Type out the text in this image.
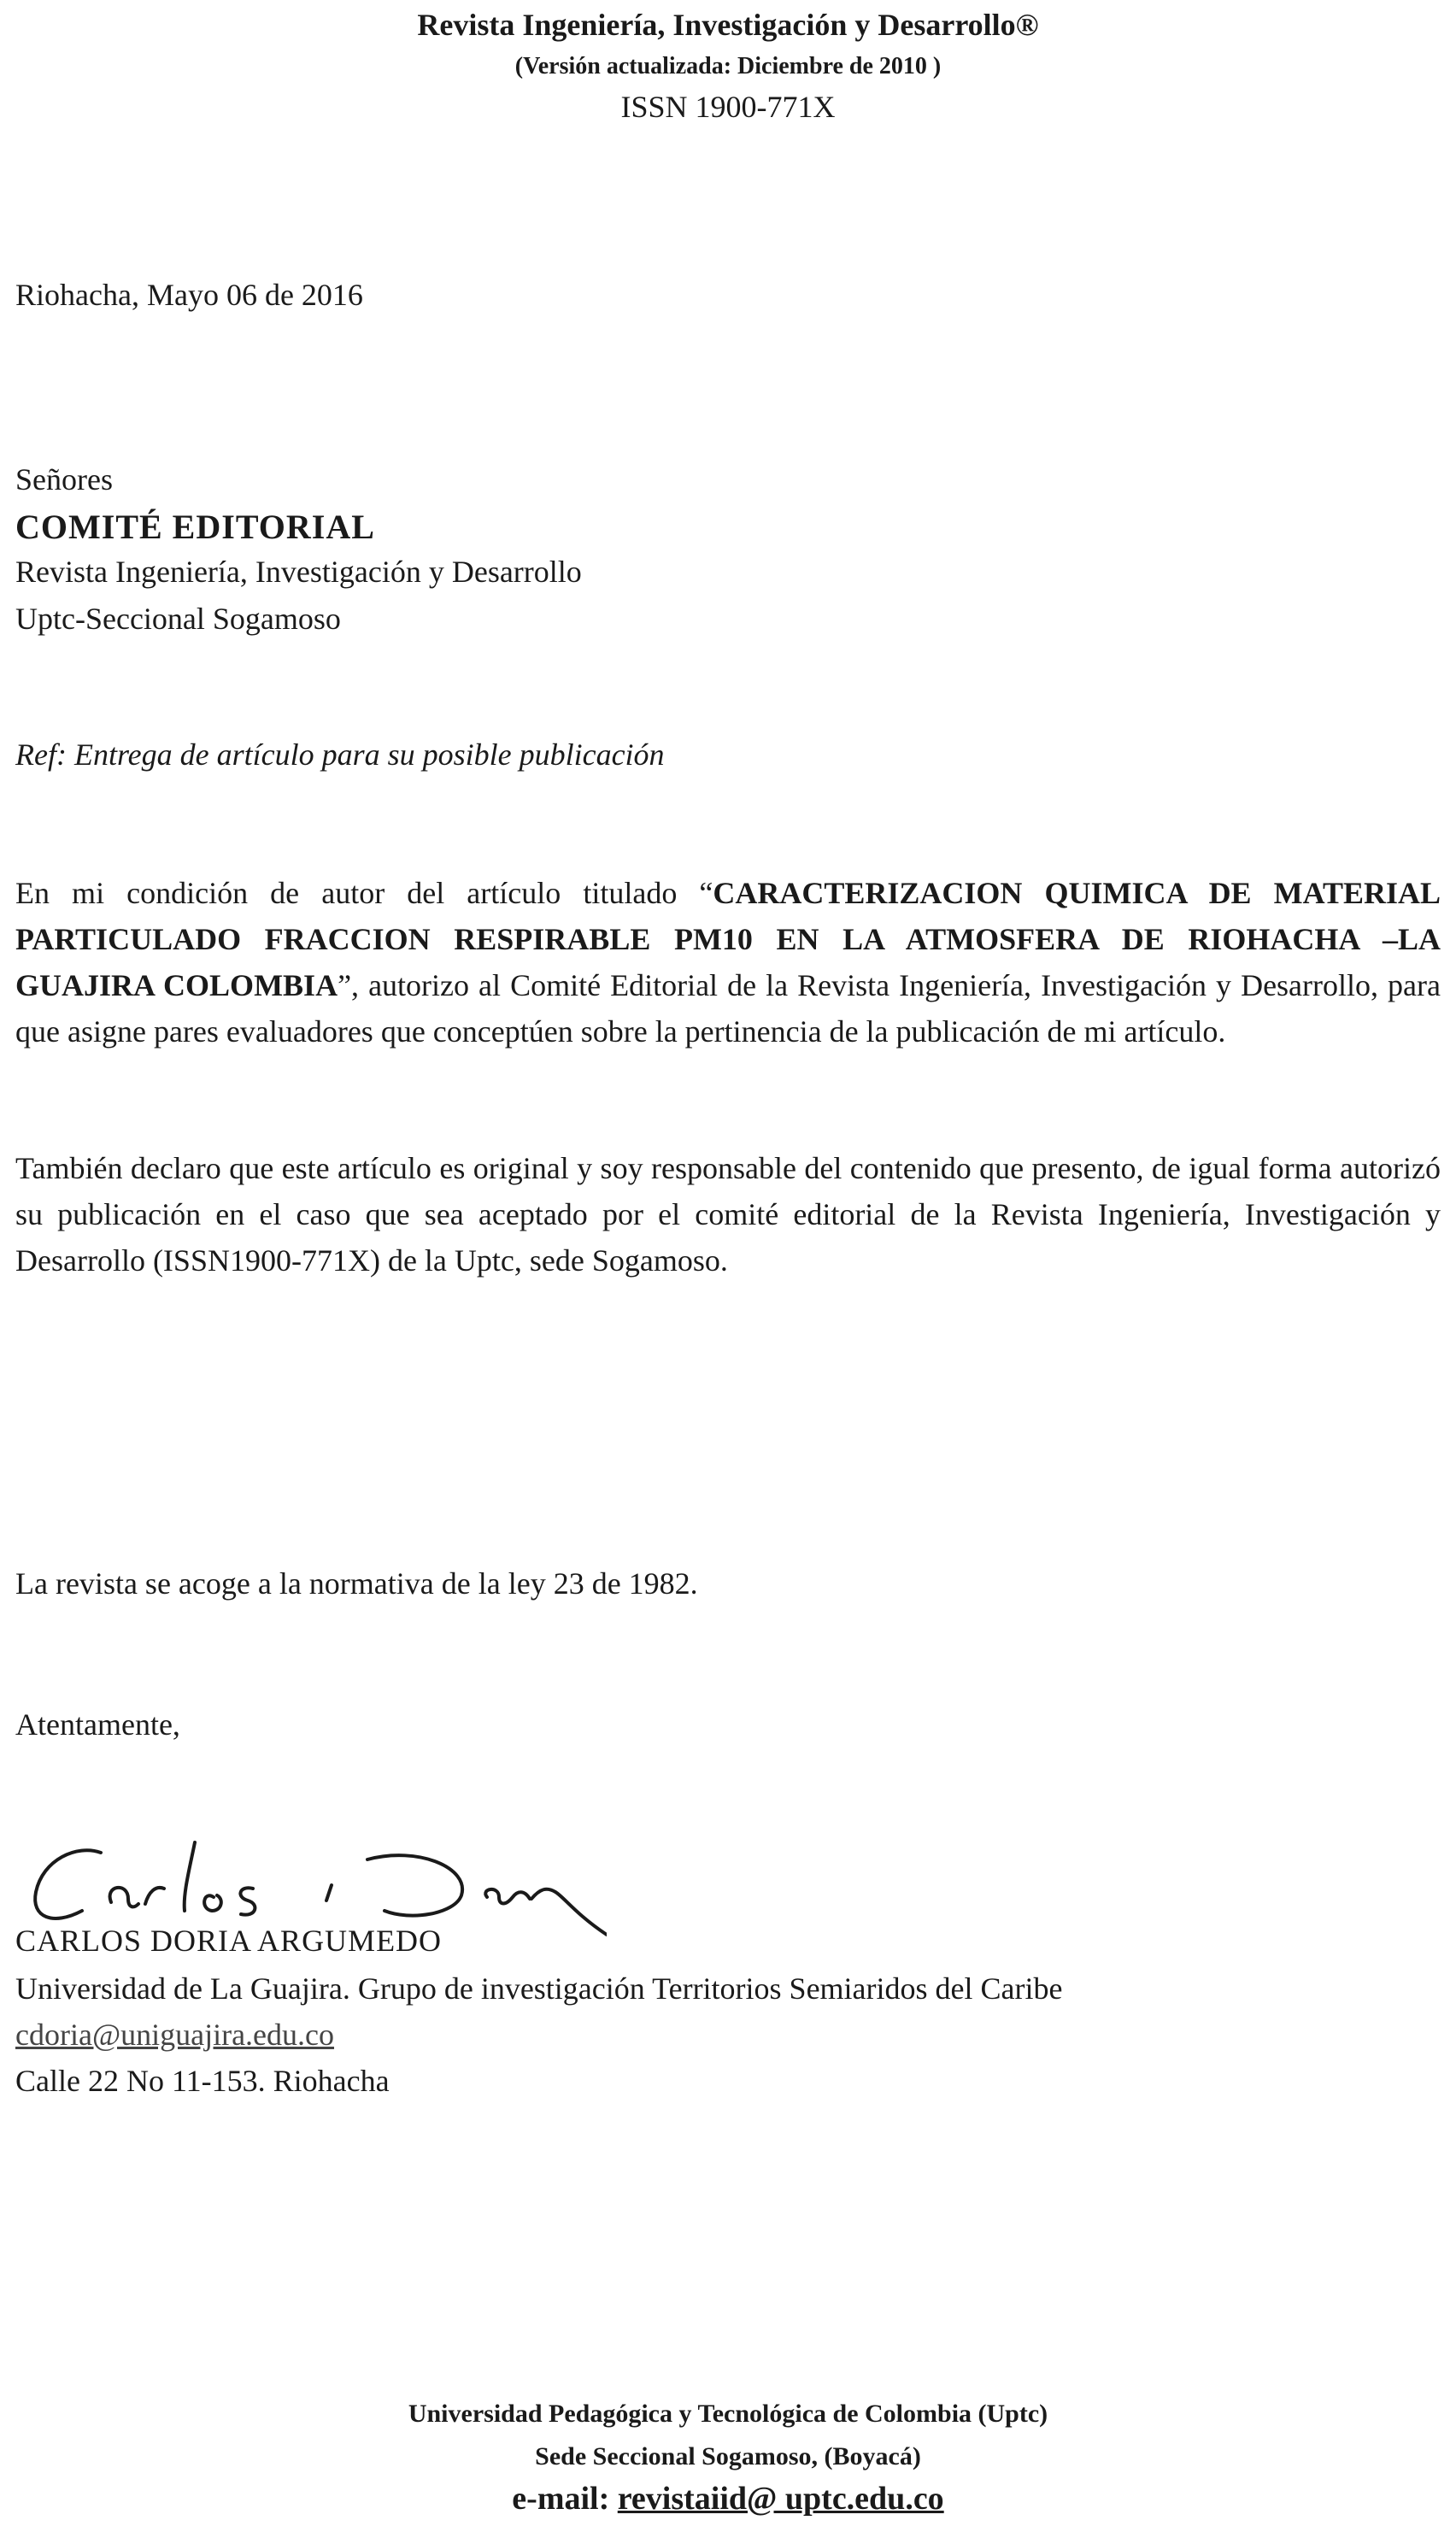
Revista Ingeniería, Investigación y Desarrollo®
(Versión actualizada: Diciembre de 2010 )
ISSN 1900-771X
Riohacha, Mayo 06 de 2016
Señores
COMITÉ EDITORIAL
Revista Ingeniería, Investigación y Desarrollo
Uptc-Seccional Sogamoso
Ref: Entrega de artículo para su posible publicación

En mi condición de autor del artículo titulado “CARACTERIZACION QUIMICA DE MATERIAL PARTICULADO FRACCION RESPIRABLE PM10 EN LA ATMOSFERA DE RIOHACHA –LA GUAJIRA COLOMBIA”, autorizo al Comité Editorial de la Revista Ingeniería, Investigación y Desarrollo, para que asigne pares evaluadores que conceptúen sobre la pertinencia de la publicación de mi artículo.

También declaro que este artículo es original y soy responsable del contenido que presento, de igual forma autorizó su publicación en el caso que sea aceptado por el comité editorial de la Revista Ingeniería, Investigación y Desarrollo (ISSN1900-771X) de la Uptc, sede Sogamoso.

La revista se acoge a la normativa de la ley 23 de 1982.
Atentamente,
CARLOS DORIA ARGUMEDO
Universidad de La Guajira. Grupo de investigación Territorios Semiaridos del Caribe
cdoria@uniguajira.edu.co
Calle 22 No 11-153. Riohacha
Universidad Pedagógica y Tecnológica de Colombia (Uptc)
Sede Seccional Sogamoso, (Boyacá)
e-mail: revistaiid@ uptc.edu.co
